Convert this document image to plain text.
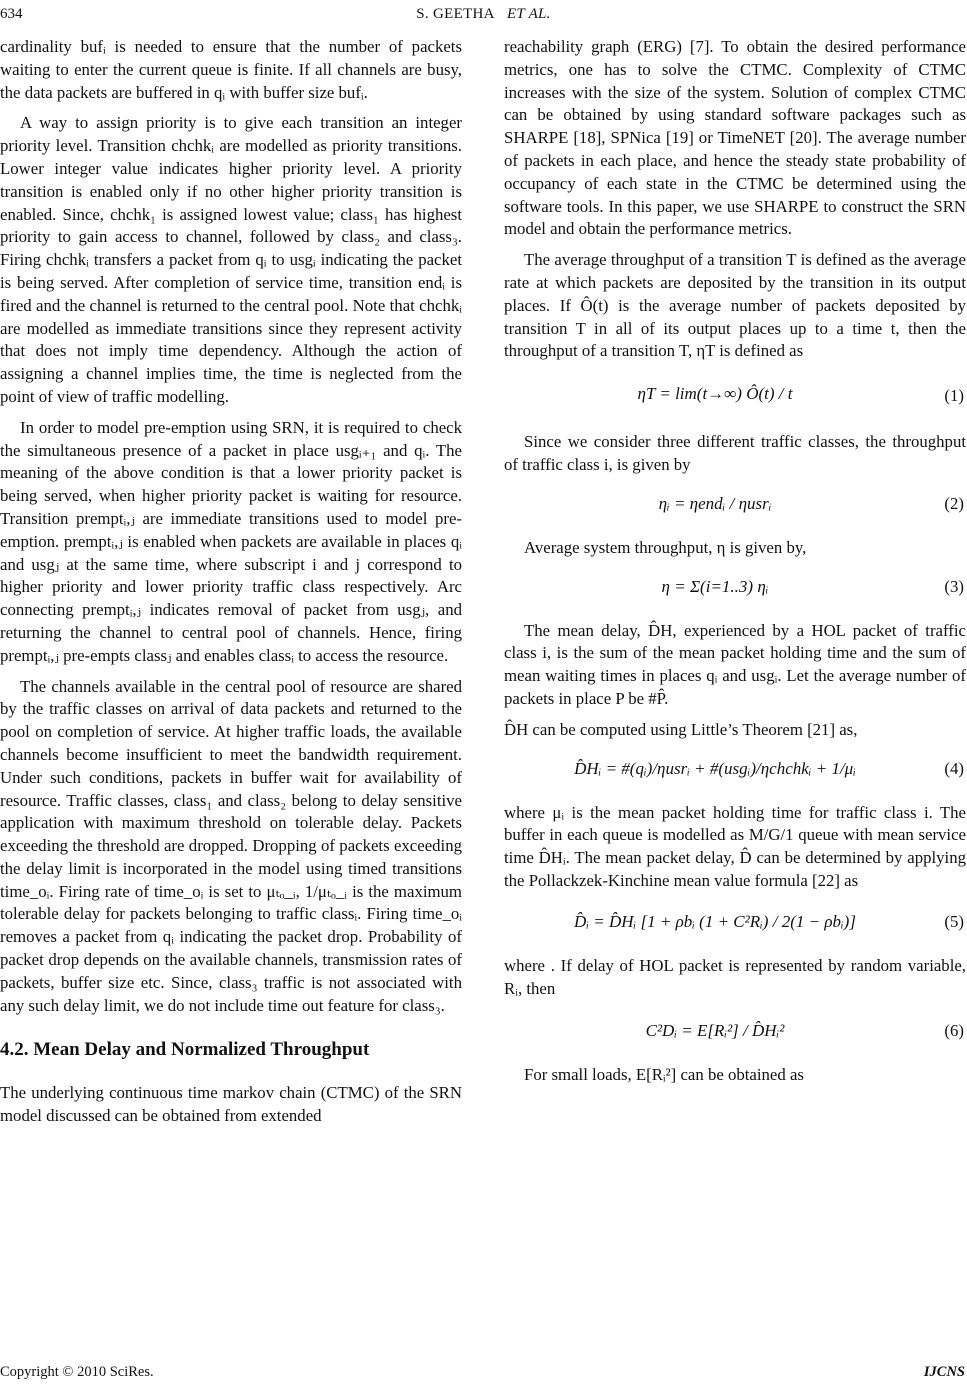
634	S. GEETHA ET AL.

cardinality bufᵢ is needed to ensure that the number of packets waiting to enter the current queue is finite. If all channels are busy, the data packets are buffered in qᵢ with buffer size bufᵢ.

A way to assign priority is to give each transition an integer priority level. Transition chchkᵢ are modelled as priority transitions. Lower integer value indicates higher priority level. A priority transition is enabled only if no other higher priority transition is enabled. Since, chchk₁ is assigned lowest value; class₁ has highest priority to gain access to channel, followed by class₂ and class₃. Firing chchkᵢ transfers a packet from qᵢ to usgᵢ indicating the packet is being served. After completion of service time, transition endᵢ is fired and the channel is returned to the central pool. Note that chchkᵢ are modelled as immediate transitions since they represent activity that does not imply time dependency. Although the action of assigning a channel implies time, the time is neglected from the point of view of traffic modelling.

In order to model pre-emption using SRN, it is required to check the simultaneous presence of a packet in place usgᵢ₊₁ and qᵢ. The meaning of the above condition is that a lower priority packet is being served, when higher priority packet is waiting for resource. Transition premptᵢ,ⱼ are immediate transitions used to model pre-emption. premptᵢ,ⱼ is enabled when packets are available in places qᵢ and usgⱼ at the same time, where subscript i and j correspond to higher priority and lower priority traffic class respectively. Arc connecting premptᵢ,ⱼ indicates removal of packet from usgⱼ, and returning the channel to central pool of channels. Hence, firing premptᵢ,ⱼ pre-empts classⱼ and enables classᵢ to access the resource.

The channels available in the central pool of resource are shared by the traffic classes on arrival of data packets and returned to the pool on completion of service. At higher traffic loads, the available channels become insufficient to meet the bandwidth requirement. Under such conditions, packets in buffer wait for availability of resource. Traffic classes, class₁ and class₂ belong to delay sensitive application with maximum threshold on tolerable delay. Packets exceeding the threshold are dropped. Dropping of packets exceeding the delay limit is incorporated in the model using timed transitions time_oᵢ. Firing rate of time_oᵢ is set to μₜₒ_ᵢ, 1/μₜₒ_ᵢ is the maximum tolerable delay for packets belonging to traffic classᵢ. Firing time_oᵢ removes a packet from qᵢ indicating the packet drop. Probability of packet drop depends on the available channels, transmission rates of packets, buffer size etc. Since, class₃ traffic is not associated with any such delay limit, we do not include time out feature for class₃.

4.2. Mean Delay and Normalized Throughput

The underlying continuous time markov chain (CTMC) of the SRN model discussed can be obtained from extended

reachability graph (ERG) [7]. To obtain the desired performance metrics, one has to solve the CTMC. Complexity of CTMC increases with the size of the system. Solution of complex CTMC can be obtained by using standard software packages such as SHARPE [18], SPNica [19] or TimeNET [20]. The average number of packets in each place, and hence the steady state probability of occupancy of each state in the CTMC be determined using the software tools. In this paper, we use SHARPE to construct the SRN model and obtain the performance metrics.

The average throughput of a transition T is defined as the average rate at which packets are deposited by the transition in its output places. If Ô(t) is the average number of packets deposited by transition T in all of its output places up to a time t, then the throughput of a transition T, ηT is defined as

ηT = lim(t→∞) Ô(t) / t	(1)

Since we consider three different traffic classes, the throughput of traffic class i, is given by

ηᵢ = ηendᵢ / ηusrᵢ	(2)

Average system throughput, η is given by,

η = Σ(i=1..3) ηᵢ	(3)

The mean delay, D̂H, experienced by a HOL packet of traffic class i, is the sum of the mean packet holding time and the sum of mean waiting times in places qᵢ and usgᵢ. Let the average number of packets in place P be #P̂.

D̂H can be computed using Little’s Theorem [21] as,

D̂Hᵢ = #(qᵢ)/ηusrᵢ + #(usgᵢ)/ηchchkᵢ + 1/μᵢ	(4)

where μᵢ is the mean packet holding time for traffic class i. The buffer in each queue is modelled as M/G/1 queue with mean service time D̂Hᵢ. The mean packet delay, D̂ can be determined by applying the Pollackzek-Kinchine mean value formula [22] as

D̂ᵢ = D̂Hᵢ [1 + ρbᵢ (1 + C²Rᵢ) / 2(1 − ρbᵢ)]	(5)

where . If delay of HOL packet is represented by random variable, Rᵢ, then

C²Dᵢ = E[Rᵢ²] / D̂Hᵢ²	(6)

For small loads, E[Rᵢ²] can be obtained as

Copyright © 2010 SciRes.	IJCNS
